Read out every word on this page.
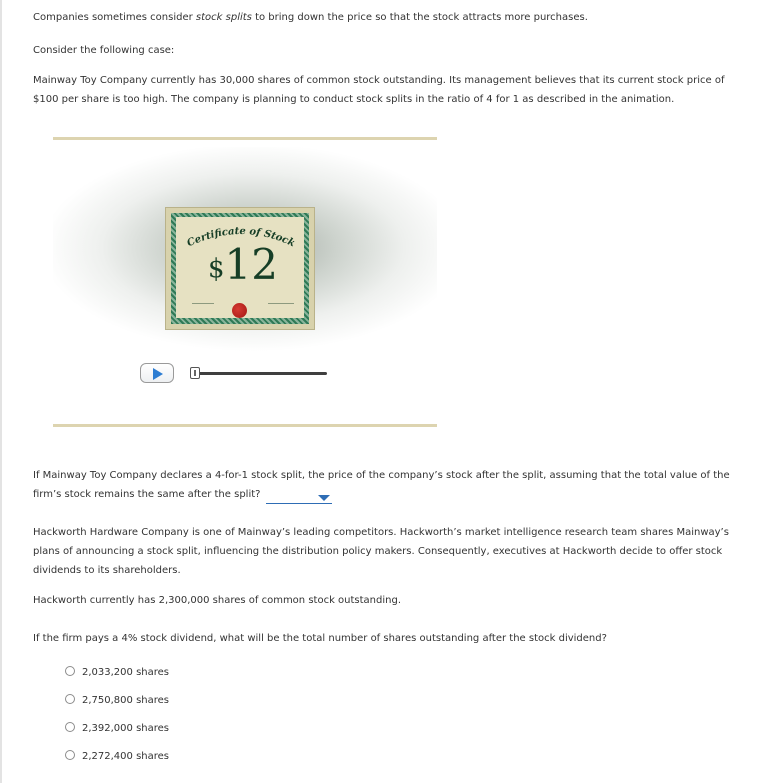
Companies sometimes consider stock splits to bring down the price so that the stock attracts more purchases.

Consider the following case:

Mainway Toy Company currently has 30,000 shares of common stock outstanding. Its management believes that its current stock price of $100 per share is too high. The company is planning to conduct stock splits in the ratio of 4 for 1 as described in the animation.

Certificate of Stock
$12

If Mainway Toy Company declares a 4-for-1 stock split, the price of the company’s stock after the split, assuming that the total value of the firm’s stock remains the same after the split?

Hackworth Hardware Company is one of Mainway’s leading competitors. Hackworth’s market intelligence research team shares Mainway’s plans of announcing a stock split, influencing the distribution policy makers. Consequently, executives at Hackworth decide to offer stock dividends to its shareholders.

Hackworth currently has 2,300,000 shares of common stock outstanding.

If the firm pays a 4% stock dividend, what will be the total number of shares outstanding after the stock dividend?

2,033,200 shares
2,750,800 shares
2,392,000 shares
2,272,400 shares
